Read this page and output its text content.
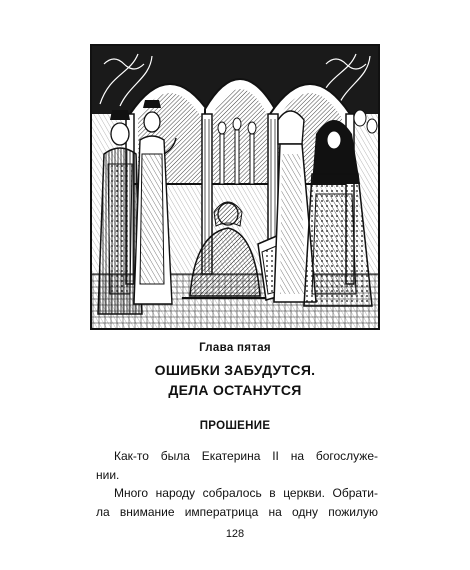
Глава пятая
ОШИБКИ ЗАБУДУТСЯ.
ДЕЛА ОСТАНУТСЯ
ПРОШЕНИЕ
Как-то была Екатерина II на богослуже-
нии.
Много народу собралось в церкви. Обрати-
ла внимание императрица на одну пожилую
128
